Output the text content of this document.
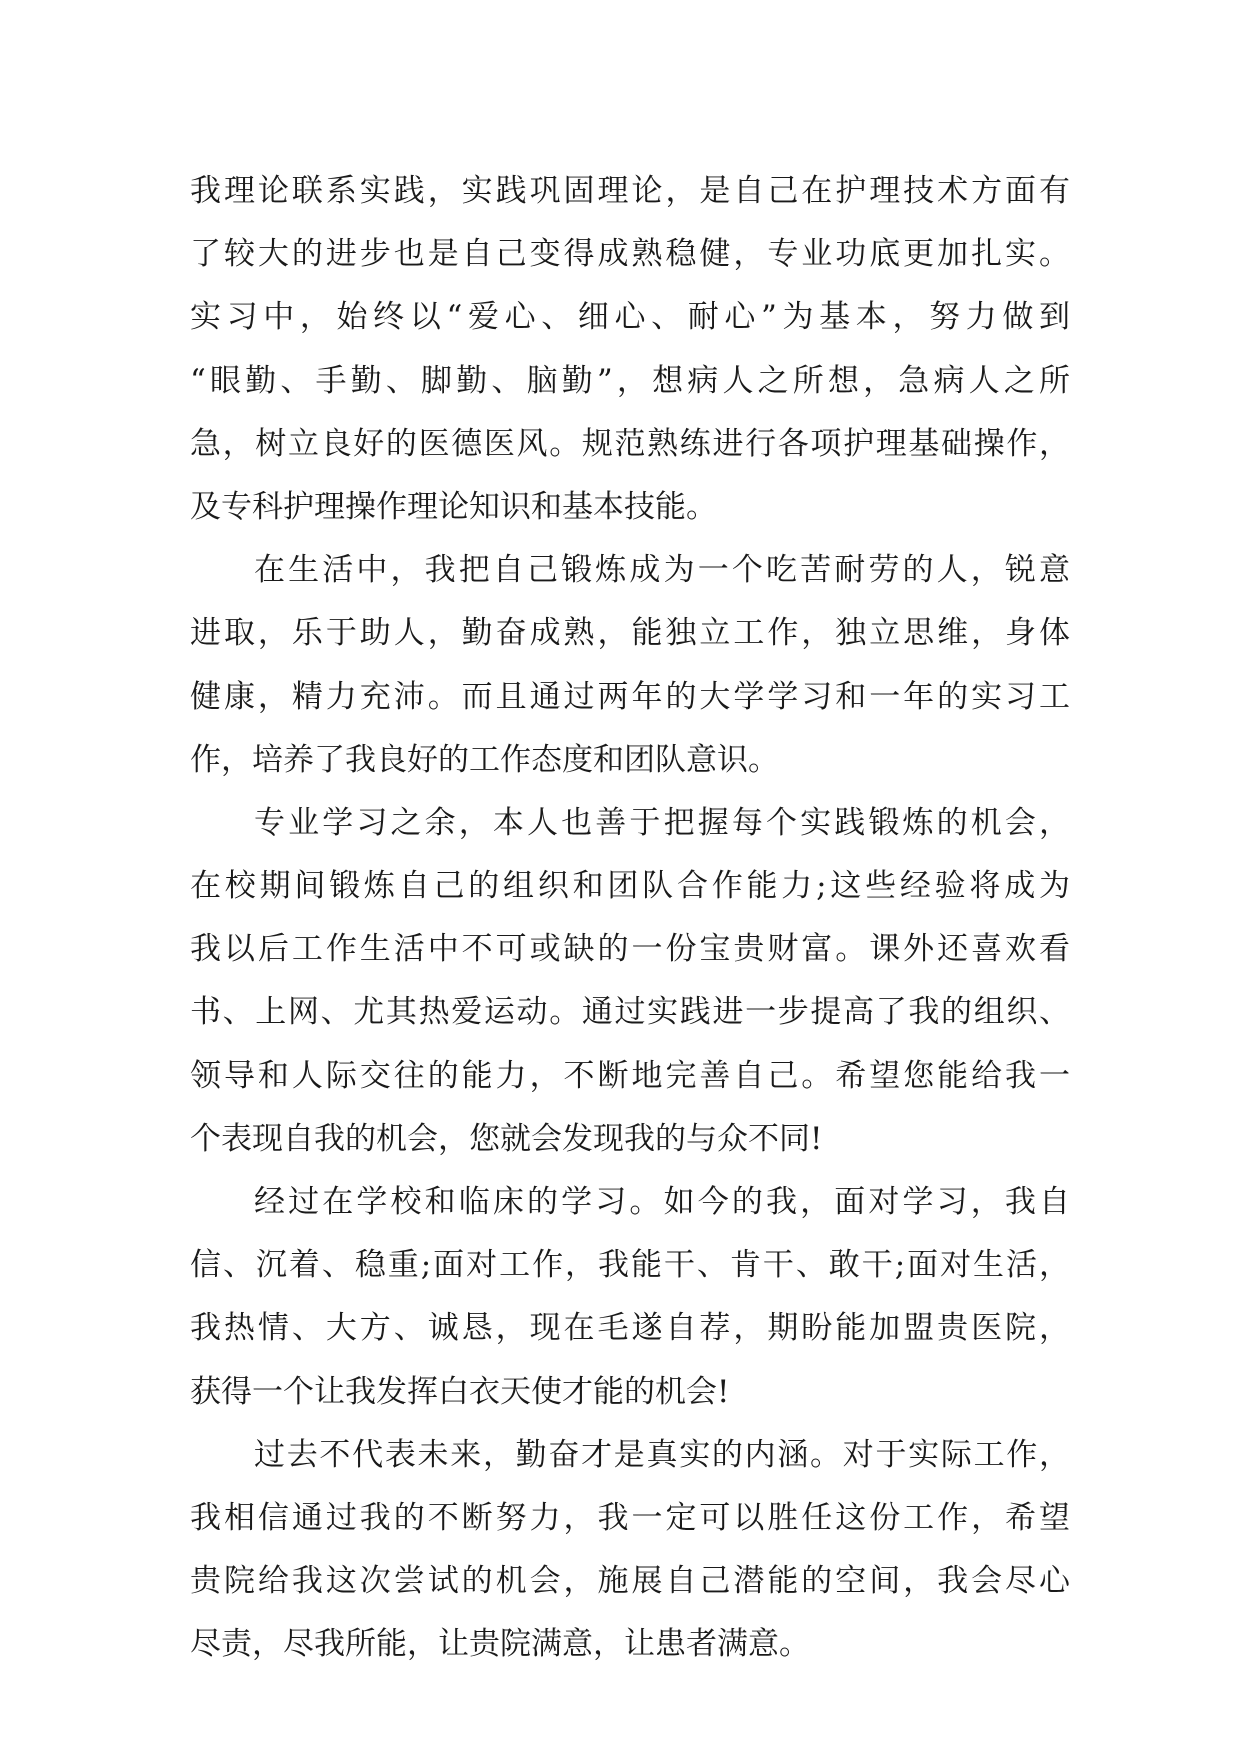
我理论联系实践，实践巩固理论，是自己在护理技术方面有
了较大的进步也是自己变得成熟稳健，专业功底更加扎实。
实习中，始终以“爱心、细心、耐心”为基本，努力做到
“眼勤、手勤、脚勤、脑勤”，想病人之所想，急病人之所
急，树立良好的医德医风。规范熟练进行各项护理基础操作，
及专科护理操作理论知识和基本技能。
在生活中，我把自己锻炼成为一个吃苦耐劳的人，锐意
进取，乐于助人，勤奋成熟，能独立工作，独立思维，身体
健康，精力充沛。而且通过两年的大学学习和一年的实习工
作，培养了我良好的工作态度和团队意识。
专业学习之余，本人也善于把握每个实践锻炼的机会，
在校期间锻炼自己的组织和团队合作能力;这些经验将成为
我以后工作生活中不可或缺的一份宝贵财富。课外还喜欢看
书、上网、尤其热爱运动。通过实践进一步提高了我的组织、
领导和人际交往的能力，不断地完善自己。希望您能给我一
个表现自我的机会，您就会发现我的与众不同!
经过在学校和临床的学习。如今的我，面对学习，我自
信、沉着、稳重;面对工作，我能干、肯干、敢干;面对生活，
我热情、大方、诚恳，现在毛遂自荐，期盼能加盟贵医院，
获得一个让我发挥白衣天使才能的机会!
过去不代表未来，勤奋才是真实的内涵。对于实际工作，
我相信通过我的不断努力，我一定可以胜任这份工作，希望
贵院给我这次尝试的机会，施展自己潜能的空间，我会尽心
尽责，尽我所能，让贵院满意，让患者满意。
